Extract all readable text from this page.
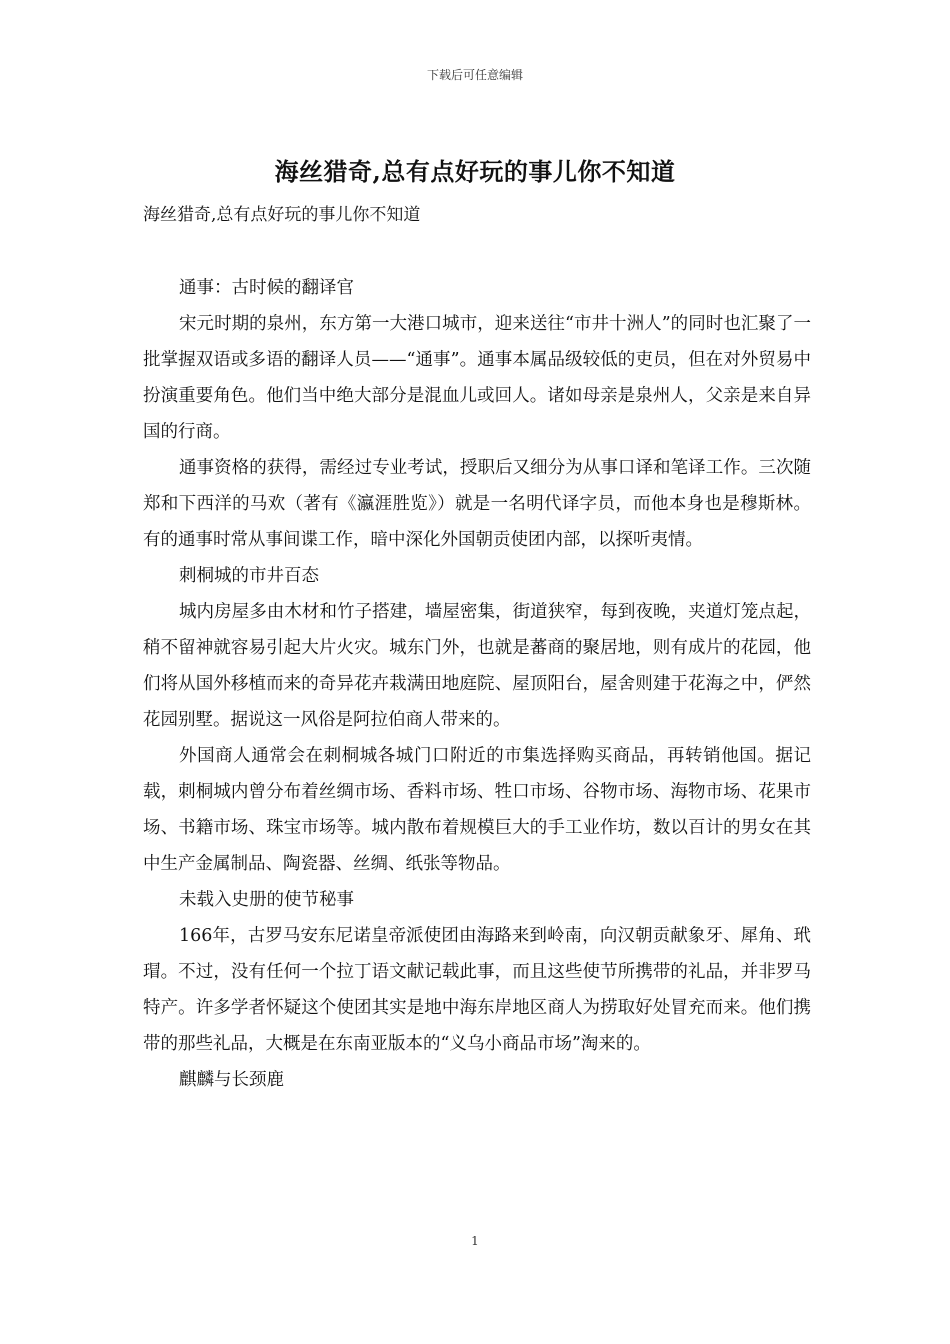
下载后可任意编辑
海丝猎奇,总有点好玩的事儿你不知道
海丝猎奇,总有点好玩的事儿你不知道

通事：古时候的翻译官

宋元时期的泉州，东方第一大港口城市，迎来送往“市井十洲人”的同时也汇聚了一批掌握双语或多语的翻译人员——“通事”。通事本属品级较低的吏员，但在对外贸易中扮演重要角色。他们当中绝大部分是混血儿或回人。诸如母亲是泉州人，父亲是来自异国的行商。

通事资格的获得，需经过专业考试，授职后又细分为从事口译和笔译工作。三次随郑和下西洋的马欢（著有《瀛涯胜览》）就是一名明代译字员，而他本身也是穆斯林。有的通事时常从事间谍工作，暗中深化外国朝贡使团内部，以探听夷情。

刺桐城的市井百态

城内房屋多由木材和竹子搭建，墙屋密集，街道狭窄，每到夜晚，夹道灯笼点起，稍不留神就容易引起大片火灾。城东门外，也就是蕃商的聚居地，则有成片的花园，他们将从国外移植而来的奇异花卉栽满田地庭院、屋顶阳台，屋舍则建于花海之中，俨然花园别墅。据说这一风俗是阿拉伯商人带来的。

外国商人通常会在刺桐城各城门口附近的市集选择购买商品，再转销他国。据记载，刺桐城内曾分布着丝绸市场、香料市场、牲口市场、谷物市场、海物市场、花果市场、书籍市场、珠宝市场等。城内散布着规模巨大的手工业作坊，数以百计的男女在其中生产金属制品、陶瓷器、丝绸、纸张等物品。

未载入史册的使节秘事

166年，古罗马安东尼诺皇帝派使团由海路来到岭南，向汉朝贡献象牙、犀角、玳瑁。不过，没有任何一个拉丁语文献记载此事，而且这些使节所携带的礼品，并非罗马特产。许多学者怀疑这个使团其实是地中海东岸地区商人为捞取好处冒充而来。他们携带的那些礼品，大概是在东南亚版本的“义乌小商品市场”淘来的。

麒麟与长颈鹿

1
